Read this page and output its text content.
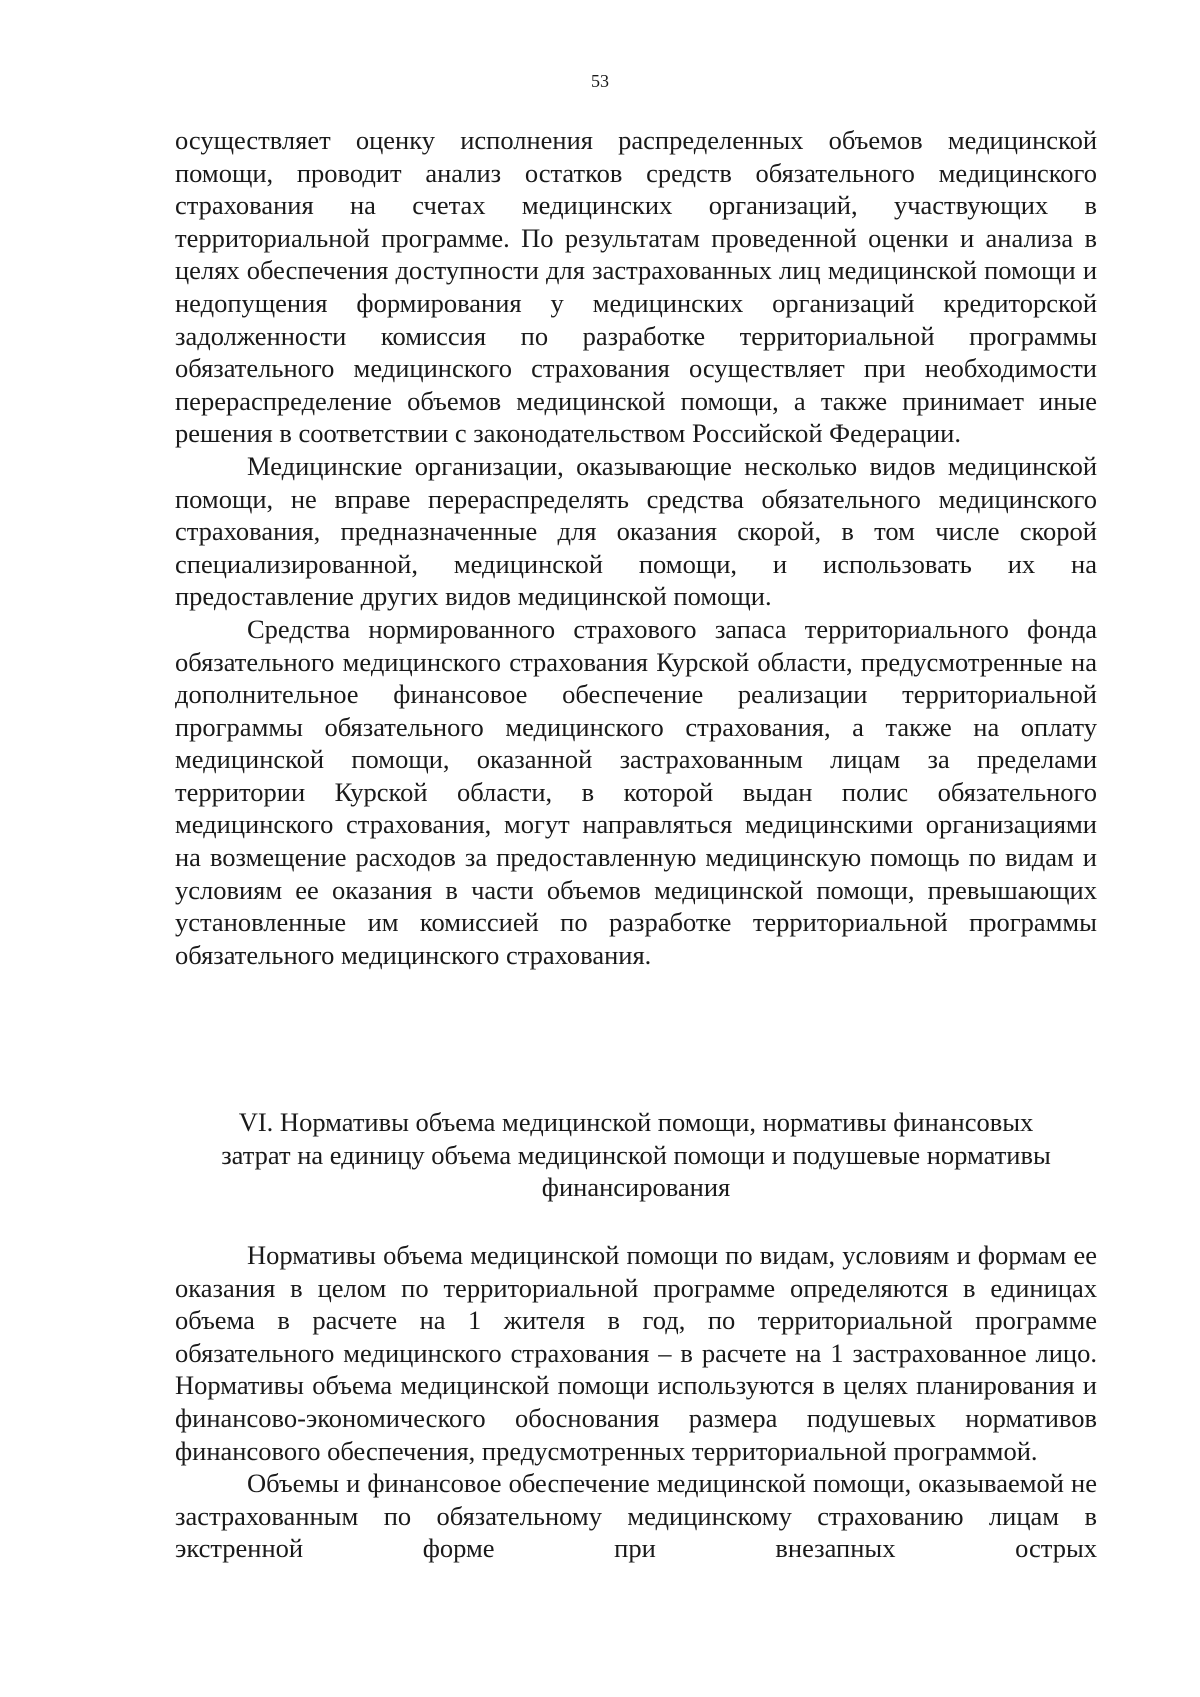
53

осуществляет оценку исполнения распределенных объемов медицинской помощи, проводит анализ остатков средств обязательного медицинского страхования на счетах медицинских организаций, участвующих в территориальной программе. По результатам проведенной оценки и анализа в целях обеспечения доступности для застрахованных лиц медицинской помощи и недопущения формирования у медицинских организаций кредиторской задолженности комиссия по разработке территориальной программы обязательного медицинского страхования осуществляет при необходимости перераспределение объемов медицинской помощи, а также принимает иные решения в соответствии с законодательством Российской Федерации.

Медицинские организации, оказывающие несколько видов медицинской помощи, не вправе перераспределять средства обязательного медицинского страхования, предназначенные для оказания скорой, в том числе скорой специализированной, медицинской помощи, и использовать их на предоставление других видов медицинской помощи.

Средства нормированного страхового запаса территориального фонда обязательного медицинского страхования Курской области, предусмотренные на дополнительное финансовое обеспечение реализации территориальной программы обязательного медицинского страхования, а также на оплату медицинской помощи, оказанной застрахованным лицам за пределами территории Курской области, в которой выдан полис обязательного медицинского страхования, могут направляться медицинскими организациями на возмещение расходов за предоставленную медицинскую помощь по видам и условиям ее оказания в части объемов медицинской помощи, превышающих установленные им комиссией по разработке территориальной программы обязательного медицинского страхования.

VI. Нормативы объема медицинской помощи, нормативы финансовых
затрат на единицу объема медицинской помощи и подушевые нормативы
финансирования

Нормативы объема медицинской помощи по видам, условиям и формам ее оказания в целом по территориальной программе определяются в единицах объема в расчете на 1 жителя в год, по территориальной программе обязательного медицинского страхования – в расчете на 1 застрахованное лицо. Нормативы объема медицинской помощи используются в целях планирования и финансово-экономического обоснования размера подушевых нормативов финансового обеспечения, предусмотренных территориальной программой.

Объемы и финансовое обеспечение медицинской помощи, оказываемой не застрахованным по обязательному медицинскому страхованию лицам в экстренной форме при внезапных острых
